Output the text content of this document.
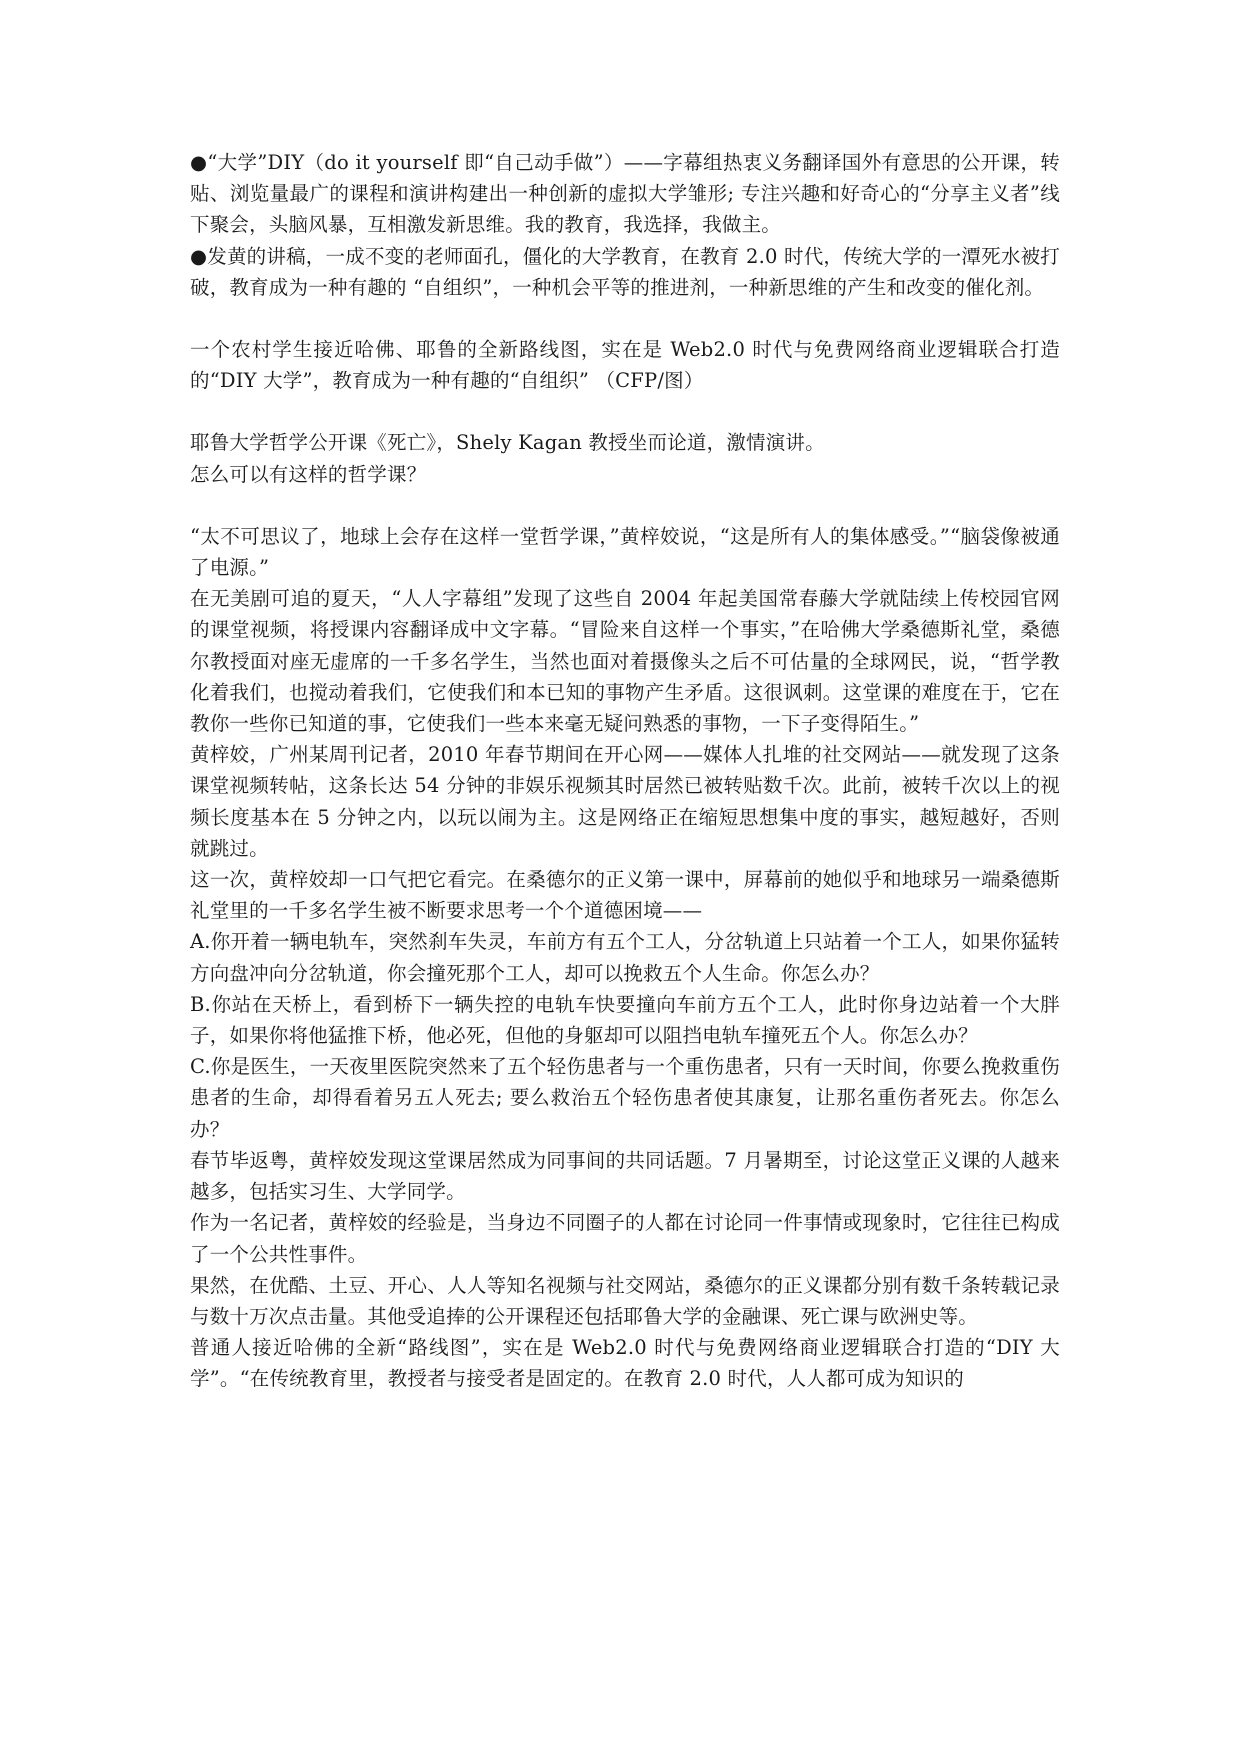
●“大学”DIY（do it yourself 即“自己动手做”）——字幕组热衷义务翻译国外有意思的公开课，转贴、浏览量最广的课程和演讲构建出一种创新的虚拟大学雏形; 专注兴趣和好奇心的“分享主义者”线下聚会，头脑风暴，互相激发新思维。我的教育，我选择，我做主。

●发黄的讲稿，一成不变的老师面孔，僵化的大学教育，在教育 2.0 时代，传统大学的一潭死水被打破，教育成为一种有趣的 “自组织”，一种机会平等的推进剂，一种新思维的产生和改变的催化剂。

一个农村学生接近哈佛、耶鲁的全新路线图，实在是 Web2.0 时代与免费网络商业逻辑联合打造的“DIY 大学”，教育成为一种有趣的“自组织” （CFP/图）

耶鲁大学哲学公开课《死亡》，Shely Kagan 教授坐而论道，激情演讲。

怎么可以有这样的哲学课？

“太不可思议了，地球上会存在这样一堂哲学课，”黄梓姣说，“这是所有人的集体感受。”“脑袋像被通了电源。”

在无美剧可追的夏天，“人人字幕组”发现了这些自 2004 年起美国常春藤大学就陆续上传校园官网的课堂视频，将授课内容翻译成中文字幕。“冒险来自这样一个事实，”在哈佛大学桑德斯礼堂，桑德尔教授面对座无虚席的一千多名学生，当然也面对着摄像头之后不可估量的全球网民，说，“哲学教化着我们，也搅动着我们，它使我们和本已知的事物产生矛盾。这很讽刺。这堂课的难度在于，它在教你一些你已知道的事，它使我们一些本来毫无疑问熟悉的事物，一下子变得陌生。”

黄梓姣，广州某周刊记者，2010 年春节期间在开心网——媒体人扎堆的社交网站——就发现了这条课堂视频转帖，这条长达 54 分钟的非娱乐视频其时居然已被转贴数千次。此前，被转千次以上的视频长度基本在 5 分钟之内，以玩以闹为主。这是网络正在缩短思想集中度的事实，越短越好，否则就跳过。

这一次，黄梓姣却一口气把它看完。在桑德尔的正义第一课中，屏幕前的她似乎和地球另一端桑德斯礼堂里的一千多名学生被不断要求思考一个个道德困境——

A.你开着一辆电轨车，突然刹车失灵，车前方有五个工人，分岔轨道上只站着一个工人，如果你猛转方向盘冲向分岔轨道，你会撞死那个工人，却可以挽救五个人生命。你怎么办？

B.你站在天桥上，看到桥下一辆失控的电轨车快要撞向车前方五个工人，此时你身边站着一个大胖子，如果你将他猛推下桥，他必死，但他的身躯却可以阻挡电轨车撞死五个人。你怎么办？

C.你是医生，一天夜里医院突然来了五个轻伤患者与一个重伤患者，只有一天时间，你要么挽救重伤患者的生命，却得看着另五人死去; 要么救治五个轻伤患者使其康复，让那名重伤者死去。你怎么办？

春节毕返粤，黄梓姣发现这堂课居然成为同事间的共同话题。7 月暑期至，讨论这堂正义课的人越来越多，包括实习生、大学同学。

作为一名记者，黄梓姣的经验是，当身边不同圈子的人都在讨论同一件事情或现象时，它往往已构成了一个公共性事件。

果然，在优酷、土豆、开心、人人等知名视频与社交网站，桑德尔的正义课都分别有数千条转载记录与数十万次点击量。其他受追捧的公开课程还包括耶鲁大学的金融课、死亡课与欧洲史等。

普通人接近哈佛的全新“路线图”，实在是 Web2.0 时代与免费网络商业逻辑联合打造的“DIY 大学”。“在传统教育里，教授者与接受者是固定的。在教育 2.0 时代，人人都可成为知识的
